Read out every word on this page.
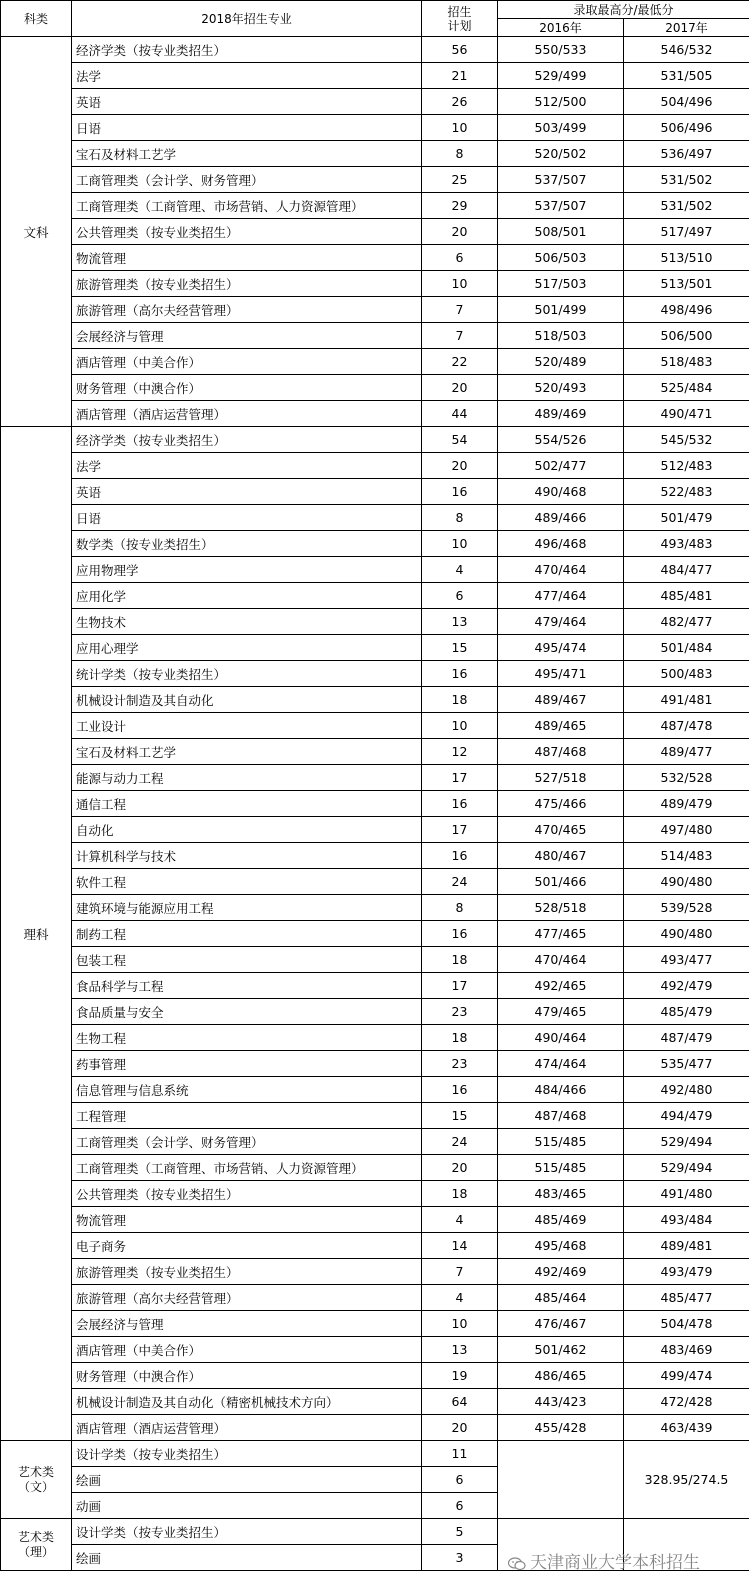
科类	2018年招生专业	招生
计划	录取最高分/最低分	
			2016年	2017年
文科	经济学类（按专业类招生）	56	550/533	546/532
	法学	21	529/499	531/505
	英语	26	512/500	504/496
	日语	10	503/499	506/496
	宝石及材料工艺学	8	520/502	536/497
	工商管理类（会计学、财务管理）	25	537/507	531/502
	工商管理类（工商管理、市场营销、人力资源管理）	29	537/507	531/502
	公共管理类（按专业类招生）	20	508/501	517/497
	物流管理	6	506/503	513/510
	旅游管理类（按专业类招生）	10	517/503	513/501
	旅游管理（高尔夫经营管理）	7	501/499	498/496
	会展经济与管理	7	518/503	506/500
	酒店管理（中美合作）	22	520/489	518/483
	财务管理（中澳合作）	20	520/493	525/484
	酒店管理（酒店运营管理）	44	489/469	490/471
理科	经济学类（按专业类招生）	54	554/526	545/532
	法学	20	502/477	512/483
	英语	16	490/468	522/483
	日语	8	489/466	501/479
	数学类（按专业类招生）	10	496/468	493/483
	应用物理学	4	470/464	484/477
	应用化学	6	477/464	485/481
	生物技术	13	479/464	482/477
	应用心理学	15	495/474	501/484
	统计学类（按专业类招生）	16	495/471	500/483
	机械设计制造及其自动化	18	489/467	491/481
	工业设计	10	489/465	487/478
	宝石及材料工艺学	12	487/468	489/477
	能源与动力工程	17	527/518	532/528
	通信工程	16	475/466	489/479
	自动化	17	470/465	497/480
	计算机科学与技术	16	480/467	514/483
	软件工程	24	501/466	490/480
	建筑环境与能源应用工程	8	528/518	539/528
	制药工程	16	477/465	490/480
	包装工程	18	470/464	493/477
	食品科学与工程	17	492/465	492/479
	食品质量与安全	23	479/465	485/479
	生物工程	18	490/464	487/479
	药事管理	23	474/464	535/477
	信息管理与信息系统	16	484/466	492/480
	工程管理	15	487/468	494/479
	工商管理类（会计学、财务管理）	24	515/485	529/494
	工商管理类（工商管理、市场营销、人力资源管理）	20	515/485	529/494
	公共管理类（按专业类招生）	18	483/465	491/480
	物流管理	4	485/469	493/484
	电子商务	14	495/468	489/481
	旅游管理类（按专业类招生）	7	492/469	493/479
	旅游管理（高尔夫经营管理）	4	485/464	485/477
	会展经济与管理	10	476/467	504/478
	酒店管理（中美合作）	13	501/462	483/469
	财务管理（中澳合作）	19	486/465	499/474
	机械设计制造及其自动化（精密机械技术方向）	64	443/423	472/428
	酒店管理（酒店运营管理）	20	455/428	463/439

艺术类
（文）	设计学类（按专业类招生）	11		328.95/274.5
	绘画	6		
	动画	6		

艺术类
（理）	设计学类（按专业类招生）	5		
	绘画	3			天津商业大学本科招生
